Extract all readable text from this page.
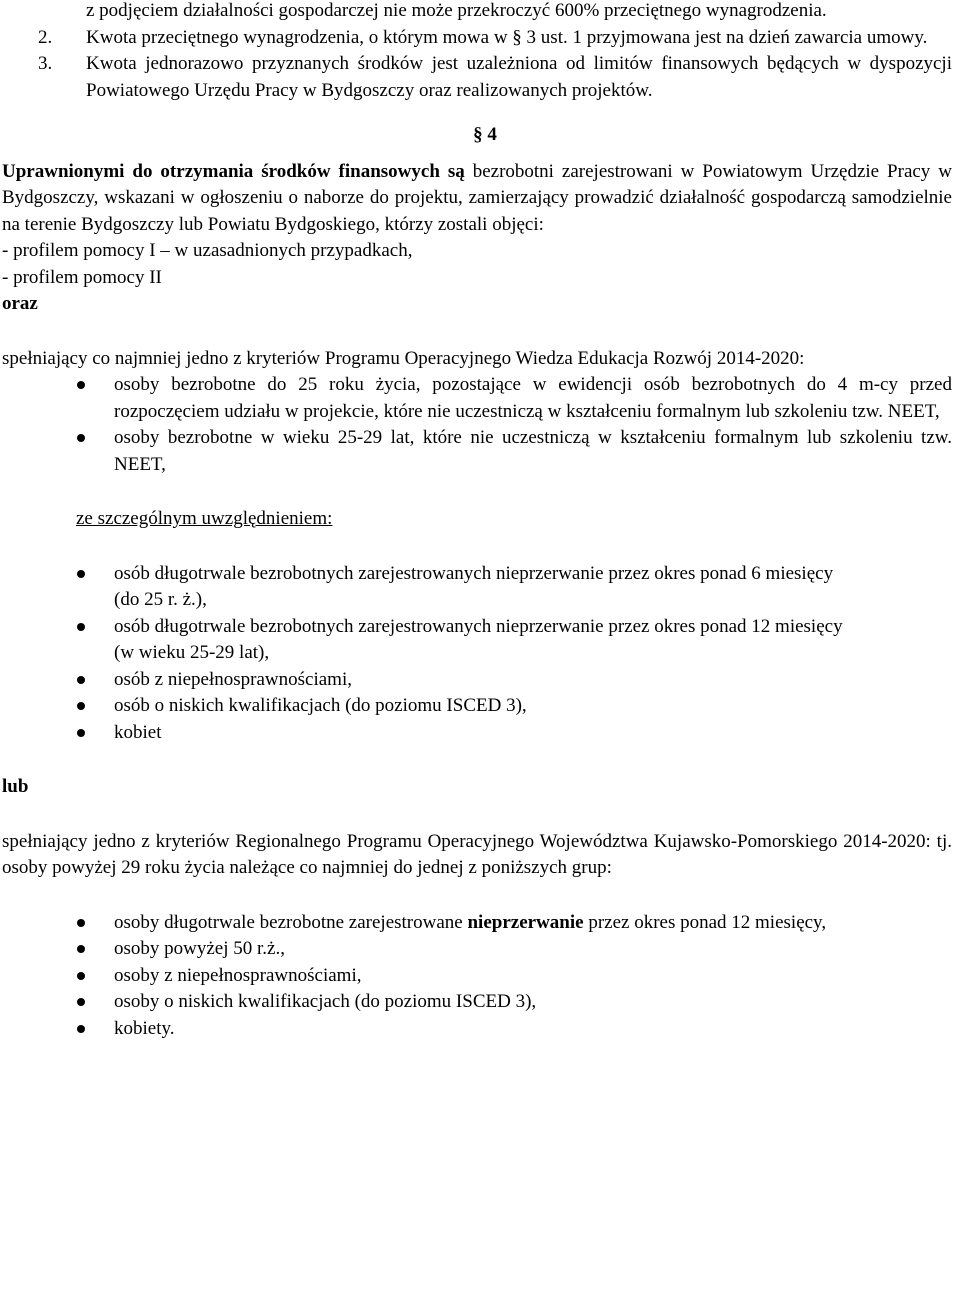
z podjęciem działalności gospodarczej nie może przekroczyć 600% przeciętnego wynagrodzenia.

2. Kwota przeciętnego wynagrodzenia, o którym mowa w § 3 ust. 1 przyjmowana jest na dzień zawarcia umowy.

3. Kwota jednorazowo przyznanych środków jest uzależniona od limitów finansowych będących w dyspozycji Powiatowego Urzędu Pracy w Bydgoszczy oraz realizowanych projektów.

§ 4

Uprawnionymi do otrzymania środków finansowych są bezrobotni zarejestrowani w Powiatowym Urzędzie Pracy w Bydgoszczy, wskazani w ogłoszeniu o naborze do projektu, zamierzający prowadzić działalność gospodarczą samodzielnie na terenie Bydgoszczy lub Powiatu Bydgoskiego, którzy zostali objęci:

- profilem pomocy I – w uzasadnionych przypadkach,

- profilem pomocy II

oraz

spełniający co najmniej jedno z kryteriów Programu Operacyjnego Wiedza Edukacja Rozwój 2014-2020:

osoby bezrobotne do 25 roku życia, pozostające w ewidencji osób bezrobotnych do 4 m-cy przed rozpoczęciem udziału w projekcie, które nie uczestniczą w kształceniu formalnym lub szkoleniu tzw. NEET,
osoby bezrobotne w wieku 25-29 lat, które nie uczestniczą w kształceniu formalnym lub szkoleniu tzw. NEET,

ze szczególnym uwzględnieniem:

osób długotrwale bezrobotnych zarejestrowanych nieprzerwanie przez okres ponad 6 miesięcy
(do 25 r. ż.),
osób długotrwale bezrobotnych zarejestrowanych nieprzerwanie przez okres ponad 12 miesięcy
(w wieku 25-29 lat),
osób z niepełnosprawnościami,
osób o niskich kwalifikacjach (do poziomu ISCED 3),
kobiet

lub

spełniający jedno z kryteriów Regionalnego Programu Operacyjnego Województwa Kujawsko-Pomorskiego 2014-2020: tj. osoby powyżej 29 roku życia należące co najmniej do jednej z poniższych grup:

osoby długotrwale bezrobotne zarejestrowane nieprzerwanie przez okres ponad 12 miesięcy,
osoby powyżej 50 r.ż.,
osoby z niepełnosprawnościami,
osoby o niskich kwalifikacjach (do poziomu ISCED 3),
kobiety.
